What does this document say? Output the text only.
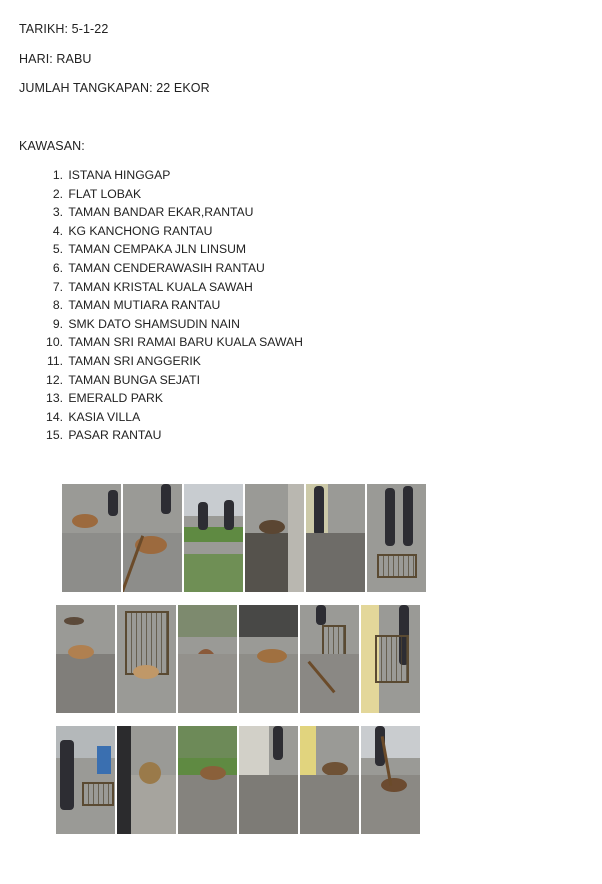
TARIKH: 5-1-22
HARI: RABU
JUMLAH TANGKAPAN: 22 EKOR
KAWASAN:
1. ISTANA HINGGAP
2. FLAT LOBAK
3. TAMAN BANDAR EKAR,RANTAU
4. KG KANCHONG RANTAU
5. TAMAN CEMPAKA JLN LINSUM
6. TAMAN CENDERAWASIH RANTAU
7. TAMAN KRISTAL KUALA SAWAH
8. TAMAN MUTIARA RANTAU
9. SMK DATO SHAMSUDIN NAIN
10. TAMAN SRI RAMAI BARU KUALA SAWAH
11. TAMAN SRI ANGGERIK
12. TAMAN BUNGA SEJATI
13. EMERALD PARK
14. KASIA VILLA
15. PASAR RANTAU
